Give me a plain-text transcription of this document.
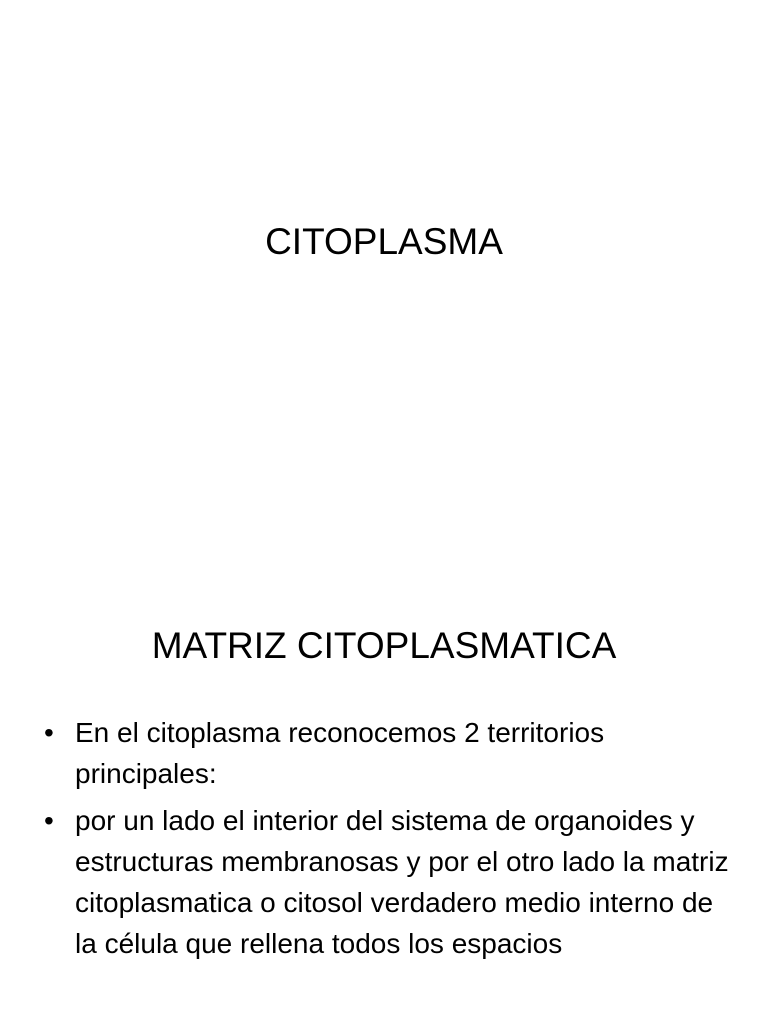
CITOPLASMA
MATRIZ CITOPLASMATICA
• En el citoplasma reconocemos 2 territorios principales:
• por un lado el interior del sistema de organoides y estructuras membranosas y por el otro lado la matriz citoplasmatica o citosol verdadero medio interno de la célula que rellena todos los espacios
